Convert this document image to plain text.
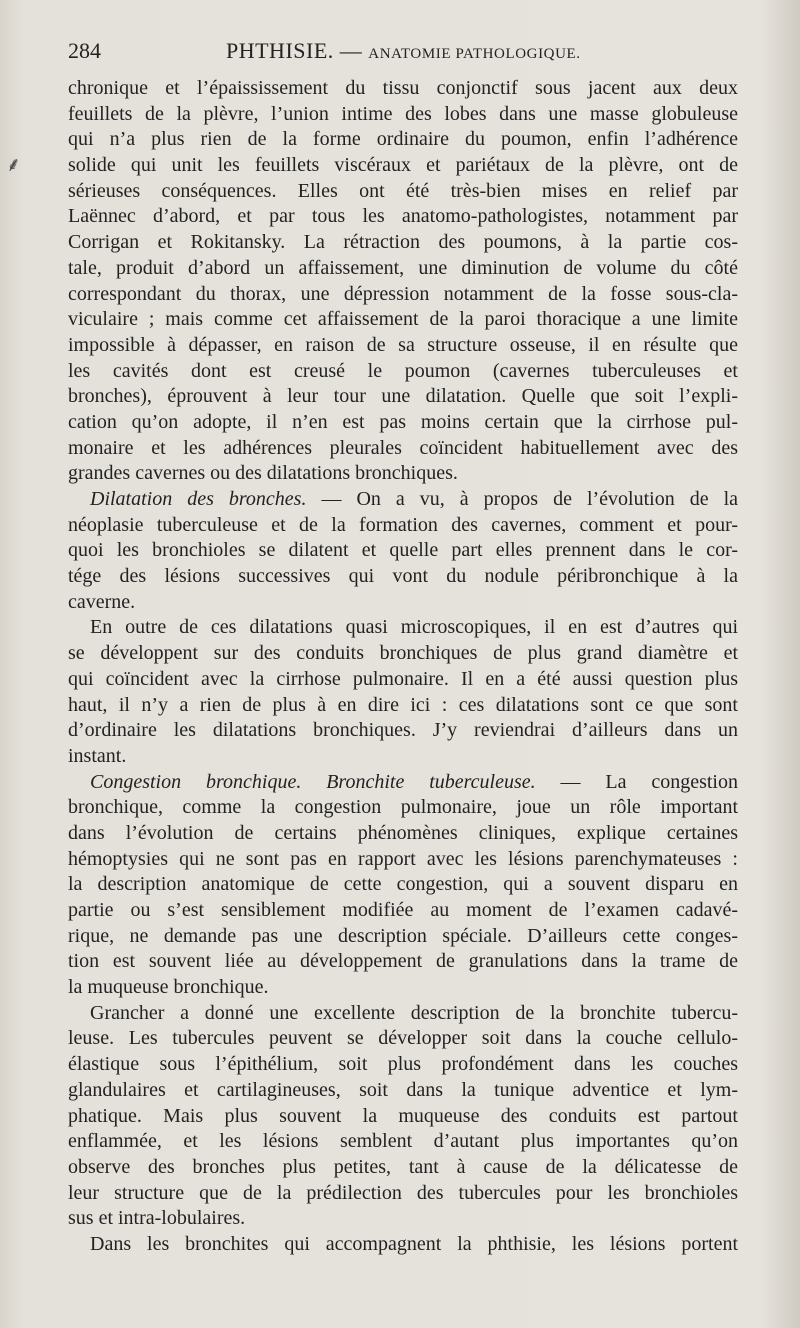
284	PHTHISIE. — ANATOMIE PATHOLOGIQUE.
chronique et l’épaississement du tissu conjonctif sous jacent aux deux
feuillets de la plèvre, l’union intime des lobes dans une masse globuleuse
qui n’a plus rien de la forme ordinaire du poumon, enfin l’adhérence
solide qui unit les feuillets viscéraux et pariétaux de la plèvre, ont de
sérieuses conséquences. Elles ont été très-bien mises en relief par
Laënnec d’abord, et par tous les anatomo-pathologistes, notamment par
Corrigan et Rokitansky. La rétraction des poumons, à la partie cos-
tale, produit d’abord un affaissement, une diminution de volume du côté
correspondant du thorax, une dépression notamment de la fosse sous-cla-
viculaire ; mais comme cet affaissement de la paroi thoracique a une limite
impossible à dépasser, en raison de sa structure osseuse, il en résulte que
les cavités dont est creusé le poumon (cavernes tuberculeuses et
bronches), éprouvent à leur tour une dilatation. Quelle que soit l’expli-
cation qu’on adopte, il n’en est pas moins certain que la cirrhose pul-
monaire et les adhérences pleurales coïncident habituellement avec des
grandes cavernes ou des dilatations bronchiques.
Dilatation des bronches. — On a vu, à propos de l’évolution de la
néoplasie tuberculeuse et de la formation des cavernes, comment et pour-
quoi les bronchioles se dilatent et quelle part elles prennent dans le cor-
tége des lésions successives qui vont du nodule péribronchique à la
caverne.
En outre de ces dilatations quasi microscopiques, il en est d’autres qui
se développent sur des conduits bronchiques de plus grand diamètre et
qui coïncident avec la cirrhose pulmonaire. Il en a été aussi question plus
haut, il n’y a rien de plus à en dire ici : ces dilatations sont ce que sont
d’ordinaire les dilatations bronchiques. J’y reviendrai d’ailleurs dans un
instant.
Congestion bronchique. Bronchite tuberculeuse. — La congestion
bronchique, comme la congestion pulmonaire, joue un rôle important
dans l’évolution de certains phénomènes cliniques, explique certaines
hémoptysies qui ne sont pas en rapport avec les lésions parenchymateuses :
la description anatomique de cette congestion, qui a souvent disparu en
partie ou s’est sensiblement modifiée au moment de l’examen cadavé-
rique, ne demande pas une description spéciale. D’ailleurs cette conges-
tion est souvent liée au développement de granulations dans la trame de
la muqueuse bronchique.
Grancher a donné une excellente description de la bronchite tubercu-
leuse. Les tubercules peuvent se développer soit dans la couche cellulo-
élastique sous l’épithélium, soit plus profondément dans les couches
glandulaires et cartilagineuses, soit dans la tunique adventice et lym-
phatique. Mais plus souvent la muqueuse des conduits est partout
enflammée, et les lésions semblent d’autant plus importantes qu’on
observe des bronches plus petites, tant à cause de la délicatesse de
leur structure que de la prédilection des tubercules pour les bronchioles
sus et intra-lobulaires.
Dans les bronchites qui accompagnent la phthisie, les lésions portent
⸙
